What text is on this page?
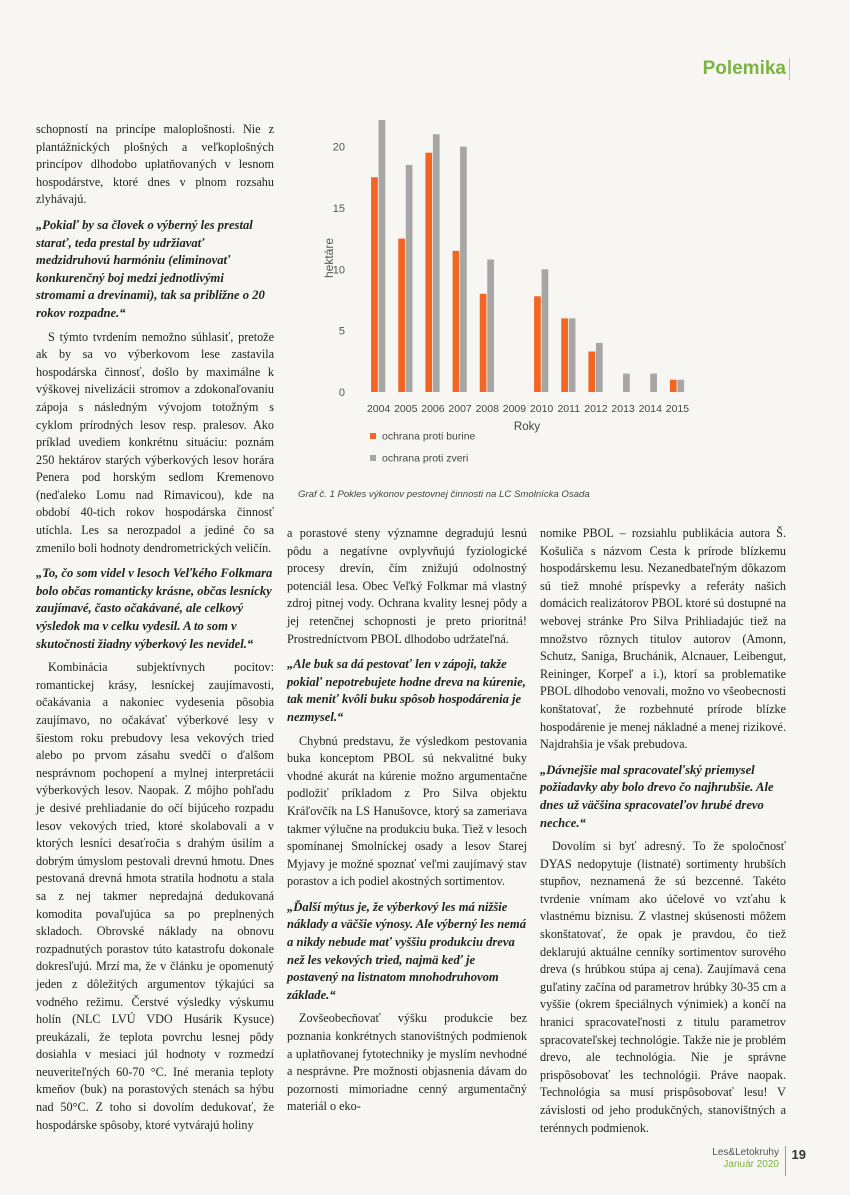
Polemika

schopností na princípe maloplošnosti. Nie z plantážnických plošných a veľkoplošných princípov dlhodobo uplatňovaných v lesnom hospodárstve, ktoré dnes v plnom rozsahu zlyhávajú.

„Pokiaľ by sa človek o výberný les prestal starať, teda prestal by udržiavať medzidruhovú harmóniu (eliminovať konkurenčný boj medzi jednotlivými stromami a drevinami), tak sa približne o 20 rokov rozpadne.“

S týmto tvrdením nemožno súhlasiť, pretože ak by sa vo výberkovom lese zastavila hospodárska činnosť, došlo by maximálne k výškovej nivelizácii stromov a zdokonaľovaniu zápoja s následným vývojom totožným s cyklom prírodných lesov resp. pralesov. Ako príklad uvediem konkrétnu situáciu: poznám 250 hektárov starých výberkových lesov horára Penera pod horským sedlom Kremenovo (neďaleko Lomu nad Rimavicou), kde na období 40-tich rokov hospodárska činnosť utíchla. Les sa nerozpadol a jediné čo sa zmenilo boli hodnoty dendrometrických veličín.

„To, čo som videl v lesoch Veľkého Folkmara bolo občas romanticky krásne, občas lesnícky zaujímavé, často očakávané, ale celkový výsledok ma v celku vydesil. A to som v skutočnosti žiadny výberkový les nevidel.“

Kombinácia subjektívnych pocitov: romantickej krásy, lesníckej zaujímavosti, očakávania a nakoniec vydesenia pôsobia zaujímavo, no očakávať výberkové lesy v šiestom roku prebudovy lesa vekových tried alebo po prvom zásahu svedčí o ďalšom nesprávnom pochopení a mylnej interpretácii výberkových lesov. Naopak. Z môjho pohľadu je desivé prehliadanie do očí bijúceho rozpadu lesov vekových tried, ktoré skolabovali a v ktorých lesníci desaťročia s drahým úsilím a dobrým úmyslom pestovali drevnú hmotu. Dnes pestovaná drevná hmota stratila hodnotu a stala sa z nej takmer nepredajná dedukovaná komodita povaľujúca sa po preplnených skladoch. Obrovské náklady na obnovu rozpadnutých porastov túto katastrofu dokonale dokresľujú. Mrzí ma, že v článku je opomenutý jeden z dôležitých argumentov týkajúci sa vodného režimu. Čerstvé výsledky výskumu holín (NLC LVÚ VDO Husárik Kysuce) preukázali, že teplota povrchu lesnej pôdy dosiahla v mesiaci júl hodnoty v rozmedzí neuveriteľných 60-70 °C. Iné merania teploty kmeňov (buk) na porastových stenách sa hýbu nad 50°C. Z toho si dovolím dedukovať, že hospodárske spôsoby, ktoré vytvárajú holiny

0
5
10
15
20
hektáre
2004 2005 2006 2007 2008 2009 2010 2011 2012 2013 2014 2015
Roky
ochrana proti burine
ochrana proti zveri
Graf č. 1 Pokles výkonov pestovnej činnosti na LC Smolnícka Osada

a porastové steny významne degradujú lesnú pôdu a negatívne ovplyvňujú fyziologické procesy drevín, čím znižujú odolnostný potenciál lesa. Obec Veľký Folkmar má vlastný zdroj pitnej vody. Ochrana kvality lesnej pôdy a jej retenčnej schopnosti je preto prioritná! Prostredníctvom PBOL dlhodobo udržateľná.

„Ale buk sa dá pestovať len v zápoji, takže pokiaľ nepotrebujete hodne dreva na kúrenie, tak meniť kvôli buku spôsob hospodárenia je nezmysel.“

Chybnú predstavu, že výsledkom pestovania buka konceptom PBOL sú nekvalitné buky vhodné akurát na kúrenie možno argumentačne podložiť príkladom z Pro Silva objektu Kráľovčík na LS Hanušovce, ktorý sa zameriava takmer výlučne na produkciu buka. Tiež v lesoch spomínanej Smolníckej osady a lesov Starej Myjavy je možné spoznať veľmi zaujímavý stav porastov a ich podiel akostných sortimentov.

„Ďalší mýtus je, že výberkový les má nižšie náklady a väčšie výnosy. Ale výberný les nemá a nikdy nebude mať vyššiu produkciu dreva než les vekových tried, najmä keď je postavený na listnatom mnohodruhovom základe.“

Zovšeobecňovať výšku produkcie bez poznania konkrétnych stanovištných podmienok a uplatňovanej fytotechniky je myslím nevhodné a nesprávne. Pre možnosti objasnenia dávam do pozornosti mimoriadne cenný argumentačný materiál o eko-

nomike PBOL – rozsiahlu publikácia autora Š. Košuliča s názvom Cesta k prírode blízkemu hospodárskemu lesu. Nezanedbateľným dôkazom sú tiež mnohé príspevky a referáty našich domácich realizátorov PBOL ktoré sú dostupné na webovej stránke Pro Silva Prihliadajúc tiež na množstvo rôznych titulov autorov (Amonn, Schutz, Saniga, Bruchánik, Alcnauer, Leibengut, Reininger, Korpeľ a i.), ktorí sa problematike PBOL dlhodobo venovali, možno vo všeobecnosti konštatovať, že rozbehnuté prírode blízke hospodárenie je menej nákladné a menej rizikové. Najdrahšia je však prebudova.

„Dávnejšie mal spracovateľský priemysel požiadavky aby bolo drevo čo najhrubšie. Ale dnes už väčšina spracovateľov hrubé drevo nechce.“

Dovolím si byť adresný. To že spoločnosť DYAS nedopytuje (listnaté) sortimenty hrubších stupňov, neznamená že sú bezcenné. Takéto tvrdenie vnímam ako účelové vo vzťahu k vlastnému biznisu. Z vlastnej skúsenosti môžem skonštatovať, že opak je pravdou, čo tiež deklarujú aktuálne cenníky sortimentov surového dreva (s hrúbkou stúpa aj cena). Zaujímavá cena guľatiny začína od parametrov hrúbky 30-35 cm a vyššie (okrem špeciálnych výnimiek) a končí na hranici spracovateľnosti z titulu parametrov spracovateľskej technológie. Takže nie je problém drevo, ale technológia. Nie je správne prispôsobovať les technológii. Práve naopak. Technológia sa musí prispôsobovať lesu! V závislosti od jeho produkčných, stanovištných a terénnych podmienok.

Les&Letokruhy
Január 2020
19
